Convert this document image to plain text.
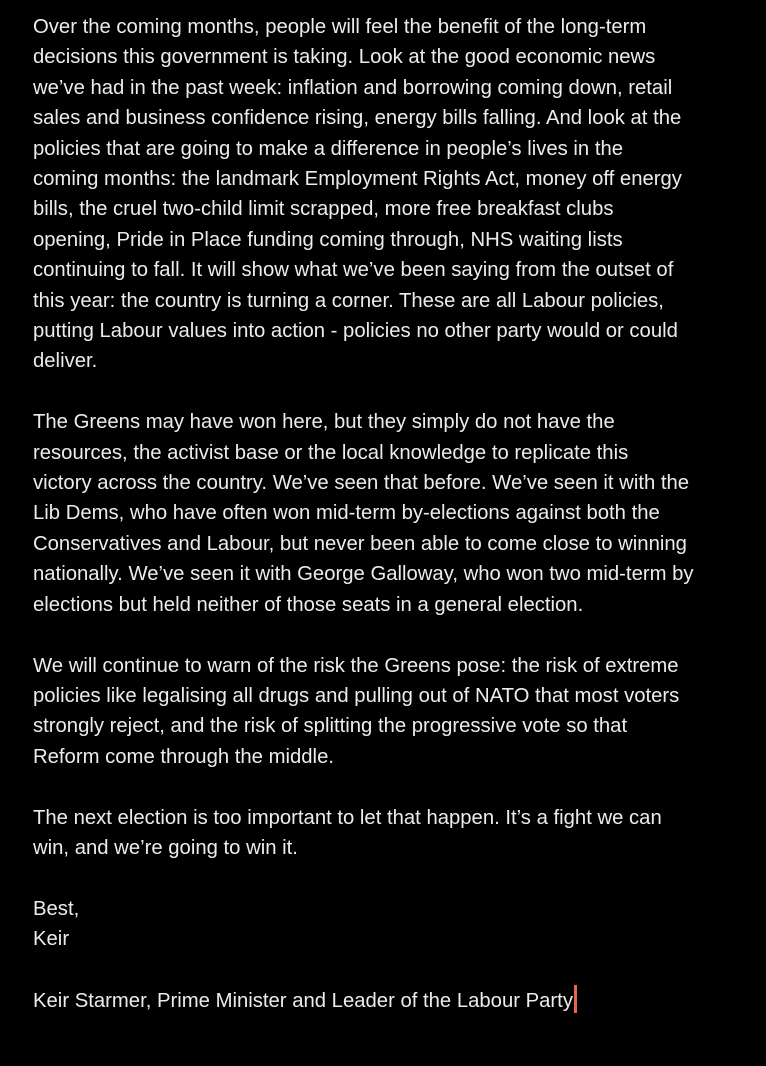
Over the coming months, people will feel the benefit of the long-term
decisions this government is taking. Look at the good economic news
we’ve had in the past week: inflation and borrowing coming down, retail
sales and business confidence rising, energy bills falling. And look at the
policies that are going to make a difference in people’s lives in the
coming months: the landmark Employment Rights Act, money off energy
bills, the cruel two-child limit scrapped, more free breakfast clubs
opening, Pride in Place funding coming through, NHS waiting lists
continuing to fall. It will show what we’ve been saying from the outset of
this year: the country is turning a corner. These are all Labour policies,
putting Labour values into action - policies no other party would or could
deliver.

The Greens may have won here, but they simply do not have the
resources, the activist base or the local knowledge to replicate this
victory across the country. We’ve seen that before. We’ve seen it with the
Lib Dems, who have often won mid-term by-elections against both the
Conservatives and Labour, but never been able to come close to winning
nationally. We’ve seen it with George Galloway, who won two mid-term by
elections but held neither of those seats in a general election.

We will continue to warn of the risk the Greens pose: the risk of extreme
policies like legalising all drugs and pulling out of NATO that most voters
strongly reject, and the risk of splitting the progressive vote so that
Reform come through the middle.

The next election is too important to let that happen. It’s a fight we can
win, and we’re going to win it.

Best,
Keir

Keir Starmer, Prime Minister and Leader of the Labour Party
